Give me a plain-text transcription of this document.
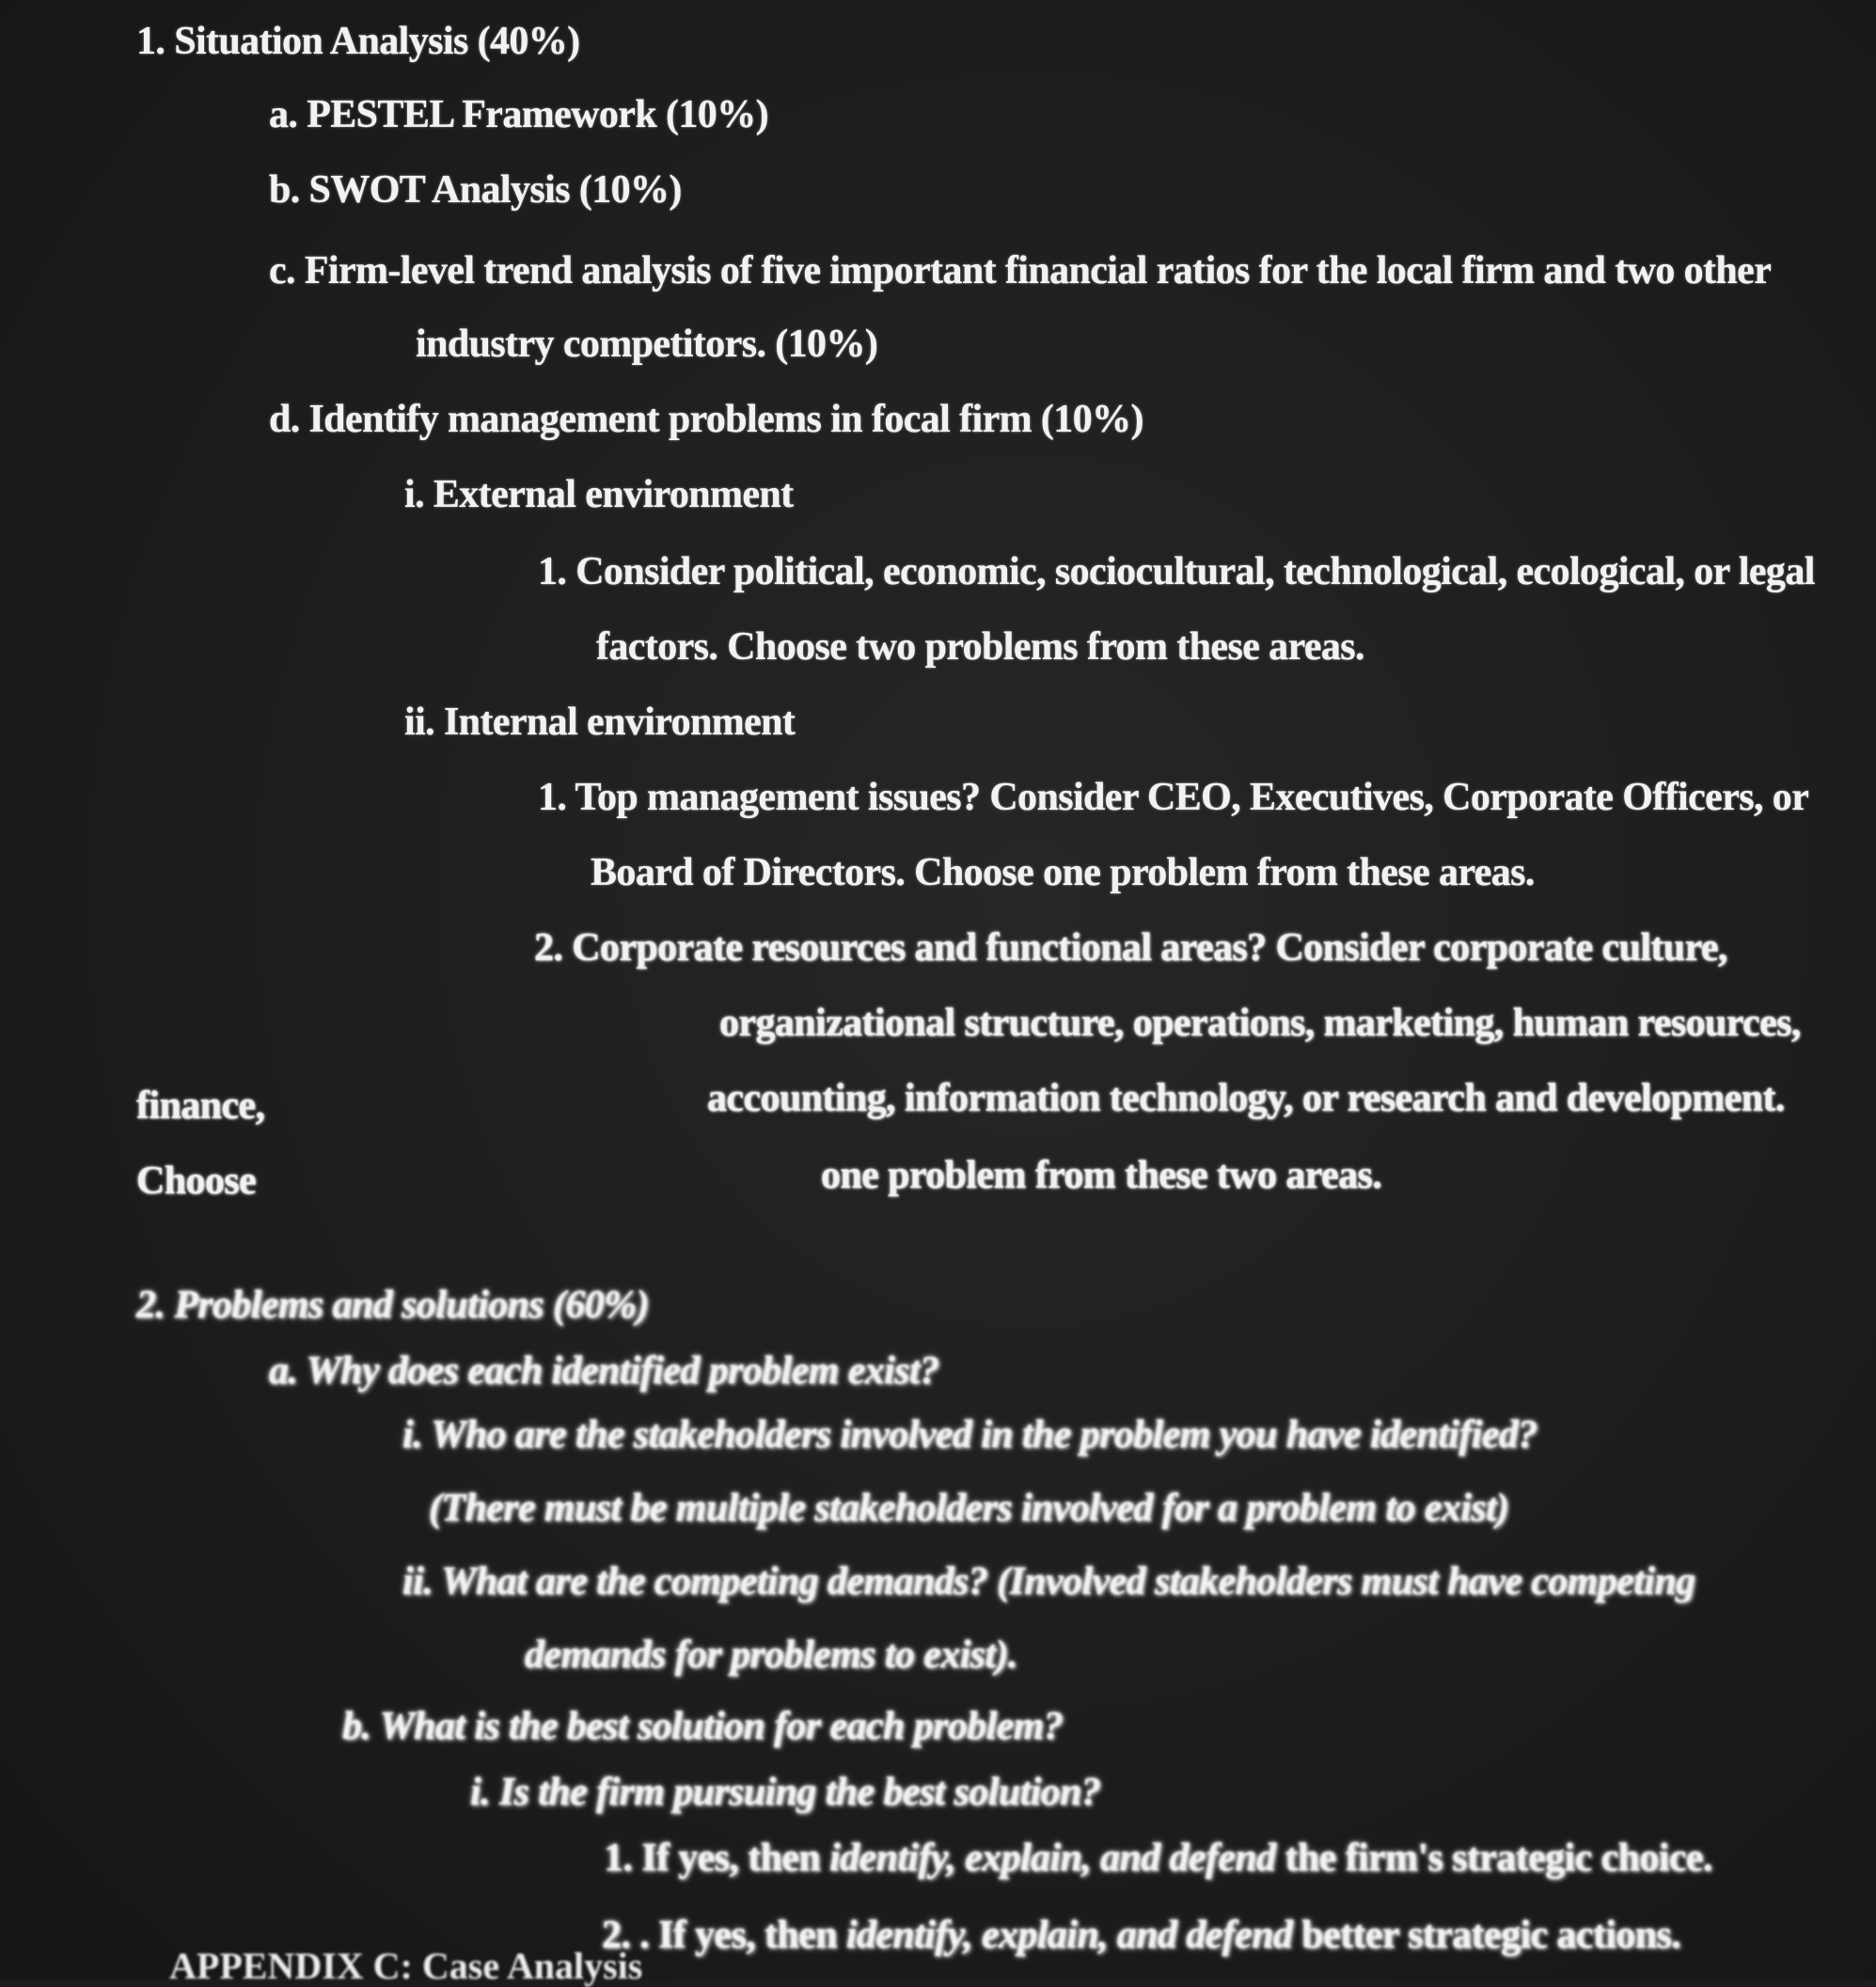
1. Situation Analysis (40%)
a. PESTEL Framework (10%)
b. SWOT Analysis (10%)
c. Firm-level trend analysis of five important financial ratios for the local firm and two other
industry competitors. (10%)
d. Identify management problems in focal firm (10%)
i. External environment
1. Consider political, economic, sociocultural, technological, ecological, or legal
factors. Choose two problems from these areas.
ii. Internal environment
1. Top management issues? Consider CEO, Executives, Corporate Officers, or
Board of Directors. Choose one problem from these areas.
2. Corporate resources and functional areas? Consider corporate culture,
organizational structure, operations, marketing, human resources,
finance,	accounting, information technology, or research and development.
Choose	one problem from these two areas.
2. Problems and solutions (60%)
a. Why does each identified problem exist?
i. Who are the stakeholders involved in the problem you have identified?
(There must be multiple stakeholders involved for a problem to exist)
ii. What are the competing demands? (Involved stakeholders must have competing
demands for problems to exist).
b. What is the best solution for each problem?
i. Is the firm pursuing the best solution?
1. If yes, then identify, explain, and defend the firm's strategic choice.
2. . If yes, then identify, explain, and defend better strategic actions.
APPENDIX C: Case Analysis
